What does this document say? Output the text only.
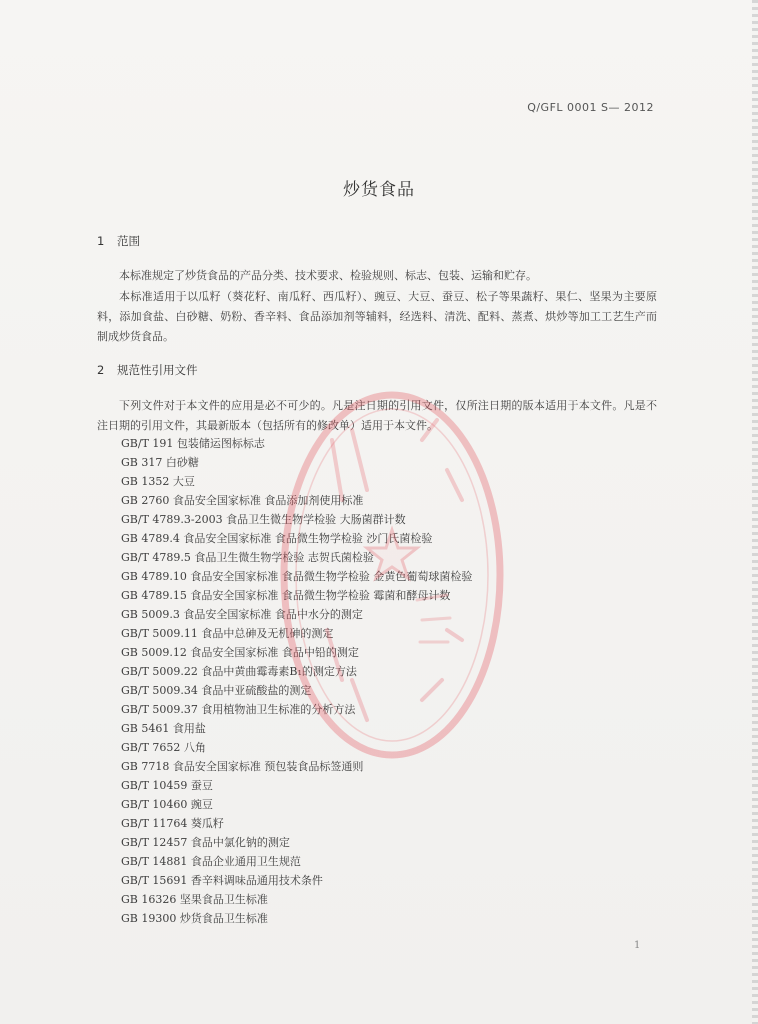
Q/GFL 0001 S— 2012
炒货食品
1 范围
本标准规定了炒货食品的产品分类、技术要求、检验规则、标志、包装、运输和贮存。
本标准适用于以瓜籽（葵花籽、南瓜籽、西瓜籽）、豌豆、大豆、蚕豆、松子等果蔬籽、果仁、坚果为主要原料，添加食盐、白砂糖、奶粉、香辛料、食品添加剂等辅料，经选料、清洗、配料、蒸煮、烘炒等加工工艺生产而制成炒货食品。
2 规范性引用文件
下列文件对于本文件的应用是必不可少的。凡是注日期的引用文件，仅所注日期的版本适用于本文件。凡是不注日期的引用文件，其最新版本（包括所有的修改单）适用于本文件。
GB/T 191 包装储运图标标志
GB 317 白砂糖
GB 1352 大豆
GB 2760 食品安全国家标准 食品添加剂使用标准
GB/T 4789.3-2003 食品卫生微生物学检验 大肠菌群计数
GB 4789.4 食品安全国家标准 食品微生物学检验 沙门氏菌检验
GB/T 4789.5 食品卫生微生物学检验 志贺氏菌检验
GB 4789.10 食品安全国家标准 食品微生物学检验 金黄色葡萄球菌检验
GB 4789.15 食品安全国家标准 食品微生物学检验 霉菌和酵母计数
GB 5009.3 食品安全国家标准 食品中水分的测定
GB/T 5009.11 食品中总砷及无机砷的测定
GB 5009.12 食品安全国家标准 食品中铅的测定
GB/T 5009.22 食品中黄曲霉毒素B₁的测定方法
GB/T 5009.34 食品中亚硫酸盐的测定
GB/T 5009.37 食用植物油卫生标准的分析方法
GB 5461 食用盐
GB/T 7652 八角
GB 7718 食品安全国家标准 预包装食品标签通则
GB/T 10459 蚕豆
GB/T 10460 豌豆
GB/T 11764 葵瓜籽
GB/T 12457 食品中氯化钠的测定
GB/T 14881 食品企业通用卫生规范
GB/T 15691 香辛料调味品通用技术条件
GB 16326 坚果食品卫生标准
GB 19300 炒货食品卫生标准
1
